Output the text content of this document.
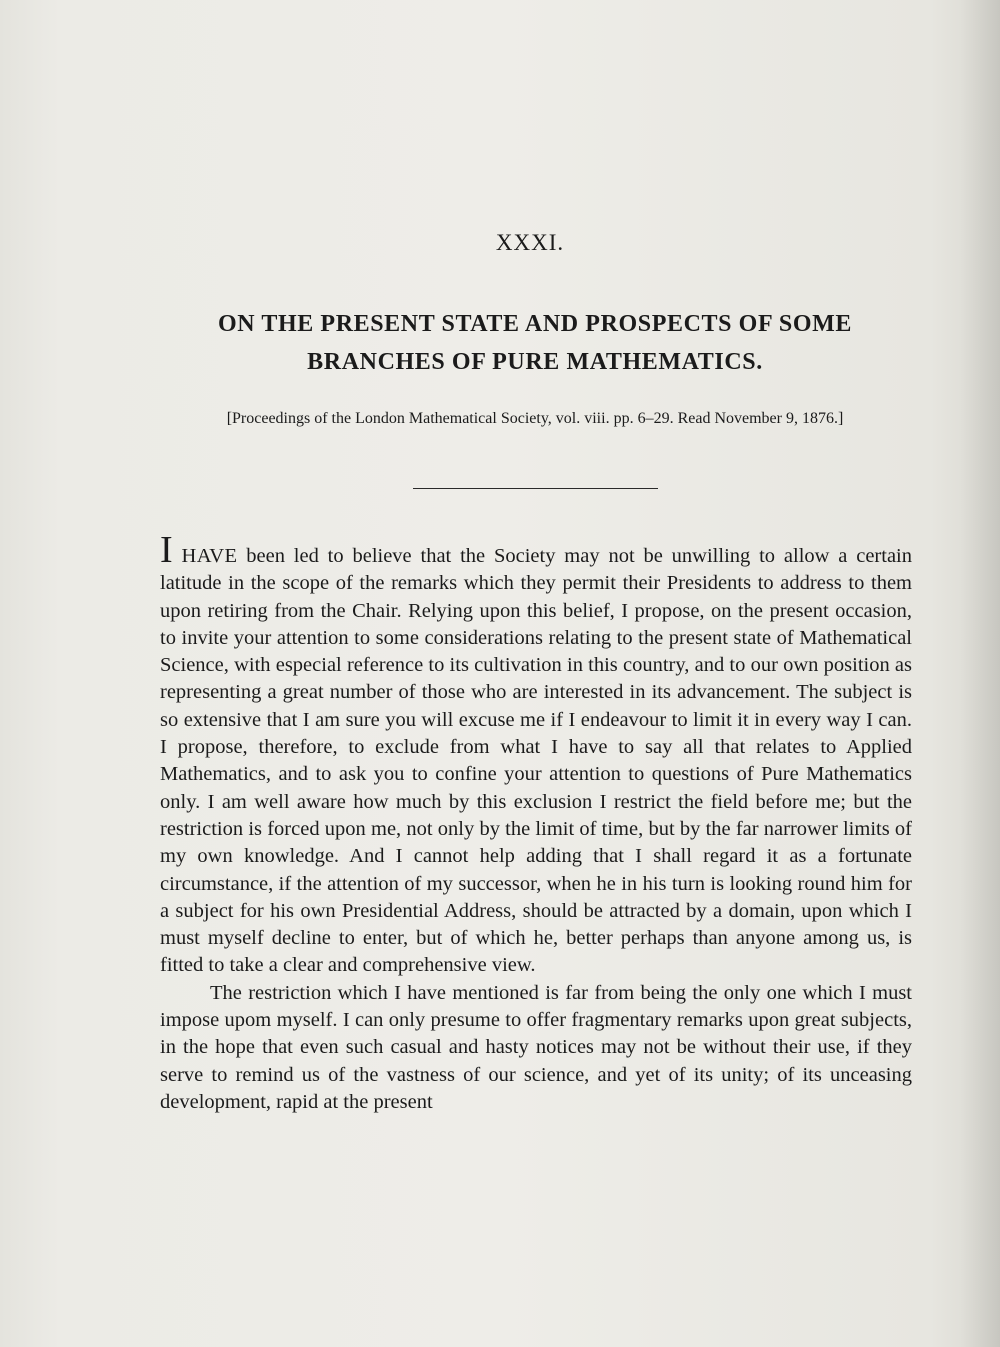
XXXI.
ON THE PRESENT STATE AND PROSPECTS OF SOME
BRANCHES OF PURE MATHEMATICS.
[Proceedings of the London Mathematical Society, vol. viii. pp. 6–29. Read November 9, 1876.]

I HAVE been led to believe that the Society may not be unwilling to allow a certain latitude in the scope of the remarks which they permit their Presidents to address to them upon retiring from the Chair. Relying upon this belief, I propose, on the present occasion, to invite your attention to some considerations relating to the present state of Mathematical Science, with especial reference to its cultivation in this country, and to our own position as representing a great number of those who are interested in its advancement. The subject is so extensive that I am sure you will excuse me if I endeavour to limit it in every way I can. I propose, therefore, to exclude from what I have to say all that relates to Applied Mathematics, and to ask you to confine your attention to questions of Pure Mathematics only. I am well aware how much by this exclusion I restrict the field before me; but the restriction is forced upon me, not only by the limit of time, but by the far narrower limits of my own knowledge. And I cannot help adding that I shall regard it as a fortunate circumstance, if the attention of my successor, when he in his turn is looking round him for a subject for his own Presidential Address, should be attracted by a domain, upon which I must myself decline to enter, but of which he, better perhaps than anyone among us, is fitted to take a clear and comprehensive view.

The restriction which I have mentioned is far from being the only one which I must impose upom myself. I can only presume to offer fragmentary remarks upon great subjects, in the hope that even such casual and hasty notices may not be without their use, if they serve to remind us of the vastness of our science, and yet of its unity; of its unceasing development, rapid at the present
